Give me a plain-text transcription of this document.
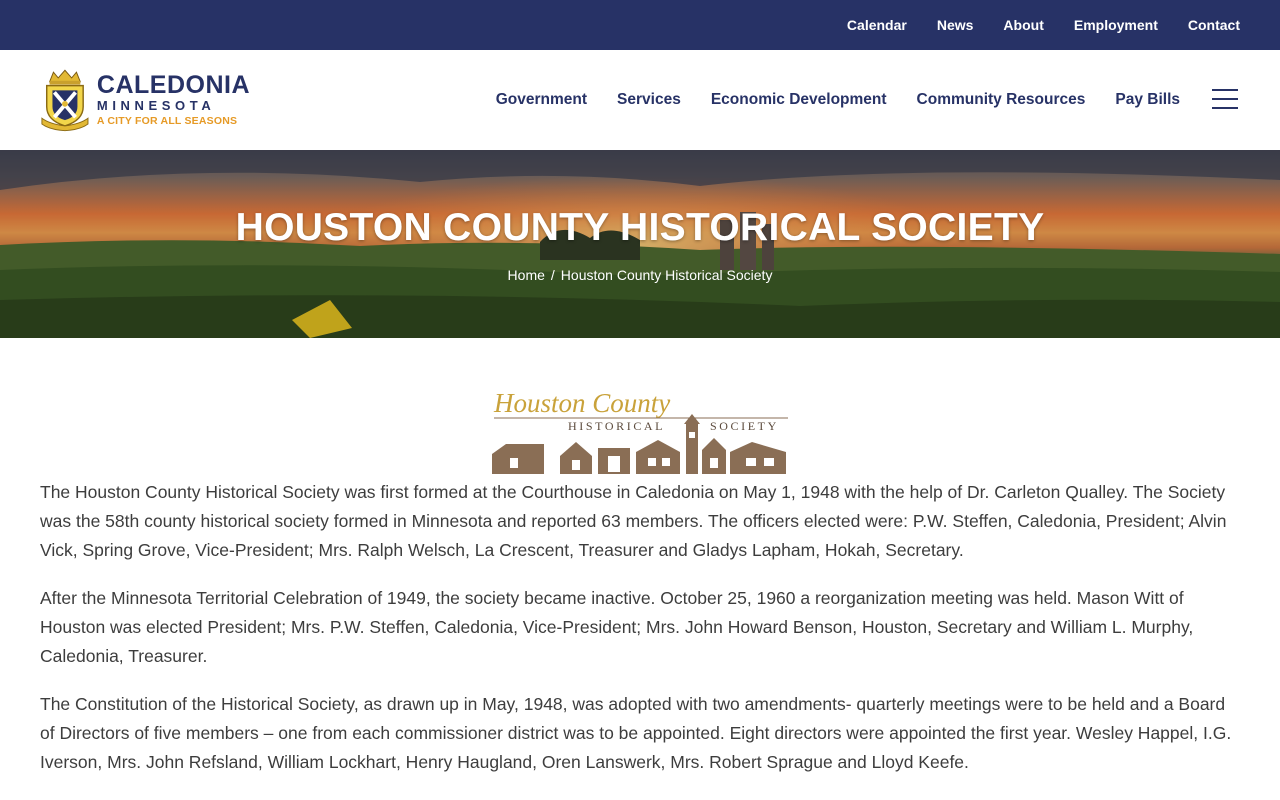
Calendar News About Employment Contact
CALEDONIA
MINNESOTA
A CITY FOR ALL SEASONS
Government Services Economic Development Community Resources Pay Bills
HOUSTON COUNTY HISTORICAL SOCIETY
Home / Houston County Historical Society
Houston County
HISTORICAL	SOCIETY

The Houston County Historical Society was first formed at the Courthouse in Caledonia on May 1, 1948 with the help of Dr. Carleton Qualley. The Society was the 58th county historical society formed in Minnesota and reported 63 members. The officers elected were: P.W. Steffen, Caledonia, President; Alvin Vick, Spring Grove, Vice-President; Mrs. Ralph Welsch, La Crescent, Treasurer and Gladys Lapham, Hokah, Secretary.

After the Minnesota Territorial Celebration of 1949, the society became inactive. October 25, 1960 a reorganization meeting was held. Mason Witt of Houston was elected President; Mrs. P.W. Steffen, Caledonia, Vice-President; Mrs. John Howard Benson, Houston, Secretary and William L. Murphy, Caledonia, Treasurer.

The Constitution of the Historical Society, as drawn up in May, 1948, was adopted with two amendments- quarterly meetings were to be held and a Board of Directors of five members – one from each commissioner district was to be appointed. Eight directors were appointed the first year. Wesley Happel, I.G. Iverson, Mrs. John Refsland, William Lockhart, Henry Haugland, Oren Lanswerk, Mrs. Robert Sprague and Lloyd Keefe.
